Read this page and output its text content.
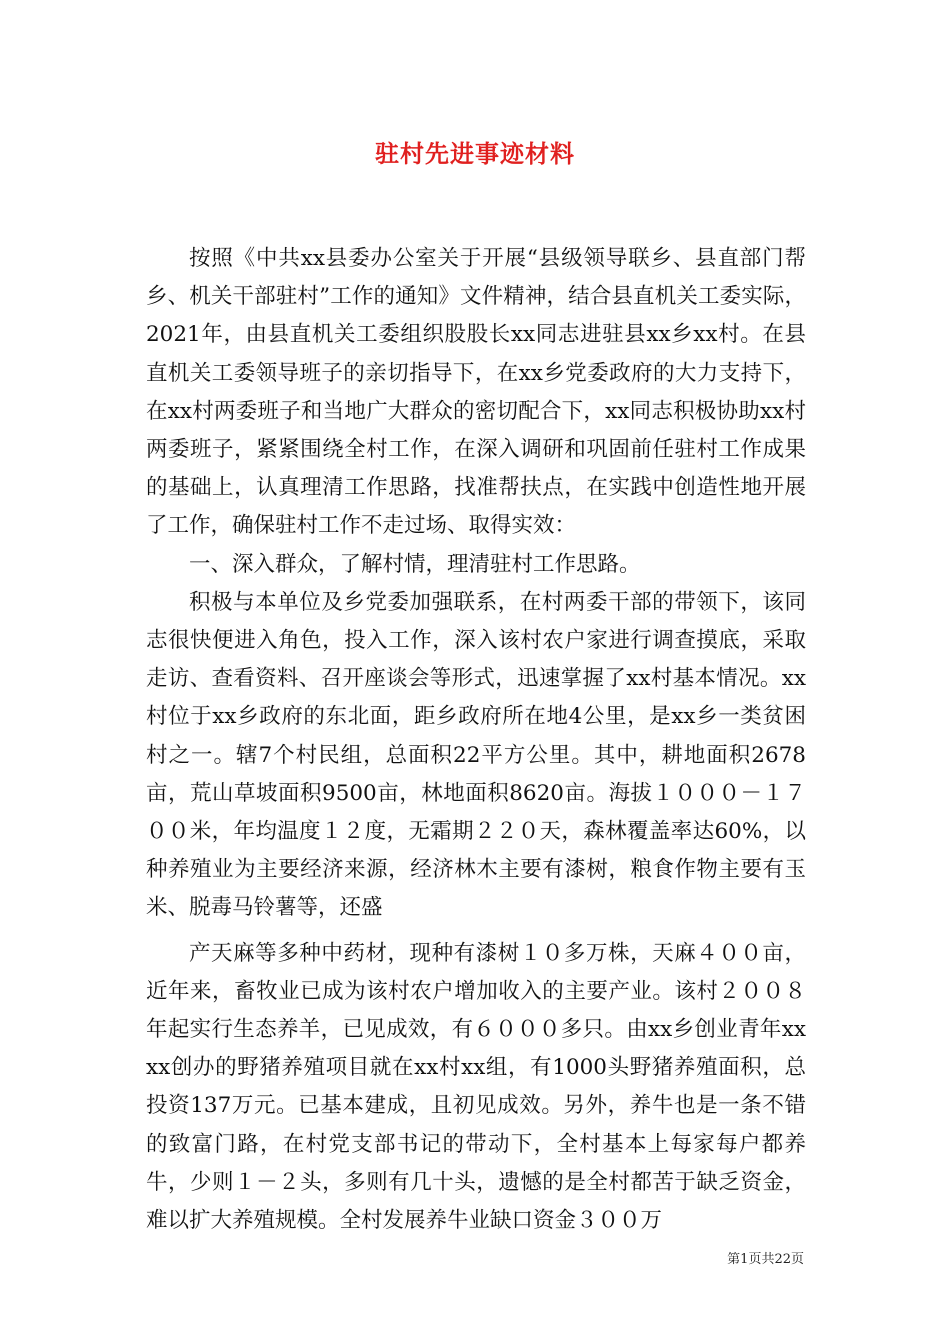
驻村先进事迹材料

按照《中共xx县委办公室关于开展“县级领导联乡、县直部门帮乡、机关干部驻村”工作的通知》文件精神，结合县直机关工委实际，2021年，由县直机关工委组织股股长xx同志进驻县xx乡xx村。在县直机关工委领导班子的亲切指导下，在xx乡党委政府的大力支持下，在xx村两委班子和当地广大群众的密切配合下，xx同志积极协助xx村两委班子，紧紧围绕全村工作，在深入调研和巩固前任驻村工作成果的基础上，认真理清工作思路，找准帮扶点，在实践中创造性地开展了工作，确保驻村工作不走过场、取得实效：

一、深入群众，了解村情，理清驻村工作思路。

积极与本单位及乡党委加强联系，在村两委干部的带领下，该同志很快便进入角色，投入工作，深入该村农户家进行调查摸底，采取走访、查看资料、召开座谈会等形式，迅速掌握了xx村基本情况。xx村位于xx乡政府的东北面，距乡政府所在地4公里，是xx乡一类贫困村之一。辖7个村民组，总面积22平方公里。其中，耕地面积2678亩，荒山草坡面积9500亩，林地面积8620亩。海拔１０００－１７００米，年均温度１２度，无霜期２２０天，森林覆盖率达60%，以种养殖业为主要经济来源，经济林木主要有漆树，粮食作物主要有玉米、脱毒马铃薯等，还盛

产天麻等多种中药材，现种有漆树１０多万株，天麻４００亩，近年来，畜牧业已成为该村农户增加收入的主要产业。该村２００８年起实行生态养羊，已见成效，有６０００多只。由xx乡创业青年xxxx创办的野猪养殖项目就在xx村xx组，有1000头野猪养殖面积，总投资137万元。已基本建成，且初见成效。另外，养牛也是一条不错的致富门路，在村党支部书记的带动下，全村基本上每家每户都养牛，少则１－２头，多则有几十头，遗憾的是全村都苦于缺乏资金，难以扩大养殖规模。全村发展养牛业缺口资金３００万

第1页共22页
